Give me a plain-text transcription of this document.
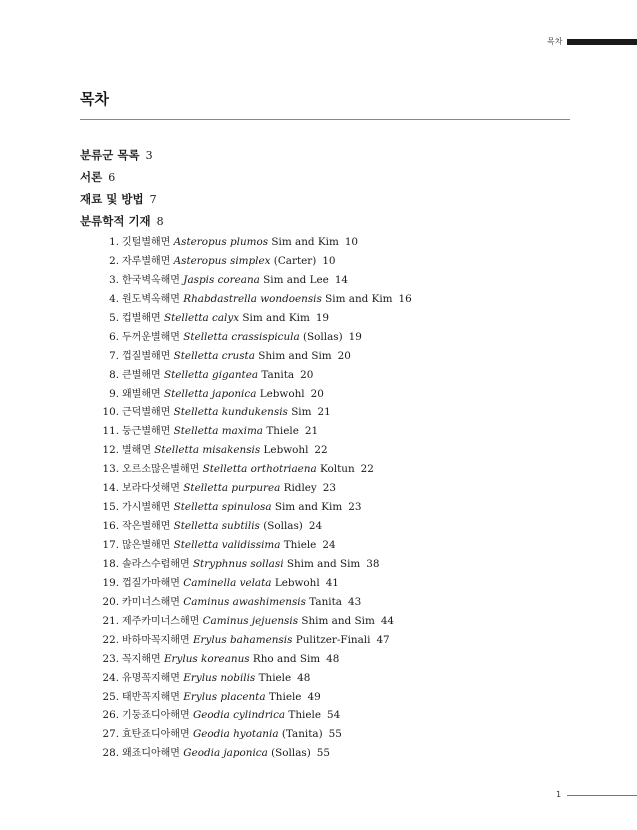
목차
목차
분류군 목록 3
서론 6
재료 및 방법 7
분류학적 기재 8
1. 깃털별해면 Asteropus plumos Sim and Kim 10
2. 자루별해면 Asteropus simplex (Carter) 10
3. 한국벽옥해면 Jaspis coreana Sim and Lee 14
4. 원도벽옥해면 Rhabdastrella wondoensis Sim and Kim 16
5. 컵별해면 Stelletta calyx Sim and Kim 19
6. 두꺼운별해면 Stelletta crassispicula (Sollas) 19
7. 껍질별해면 Stelletta crusta Shim and Sim 20
8. 큰별해면 Stelletta gigantea Tanita 20
9. 왜별해면 Stelletta japonica Lebwohl 20
10. 근덕별해면 Stelletta kundukensis Sim 21
11. 둥근별해면 Stelletta maxima Thiele 21
12. 별해면 Stelletta misakensis Lebwohl 22
13. 오르소많은별해면 Stelletta orthotriaena Koltun 22
14. 보라다섯해면 Stelletta purpurea Ridley 23
15. 가시별해면 Stelletta spinulosa Sim and Kim 23
16. 작은별해면 Stelletta subtilis (Sollas) 24
17. 많은별해면 Stelletta validissima Thiele 24
18. 솔라스수렵해면 Stryphnus sollasi Shim and Sim 38
19. 껍질가마해면 Caminella velata Lebwohl 41
20. 카미너스해면 Caminus awashimensis Tanita 43
21. 제주카미너스해면 Caminus jejuensis Shim and Sim 44
22. 바하마꼭지해면 Erylus bahamensis Pulitzer-Finali 47
23. 꼭지해면 Erylus koreanus Rho and Sim 48
24. 유명꼭지해면 Erylus nobilis Thiele 48
25. 태반꼭지해면 Erylus placenta Thiele 49
26. 기둥죠디아해면 Geodia cylindrica Thiele 54
27. 효탄죠디아해면 Geodia hyotania (Tanita) 55
28. 왜죠디아해면 Geodia japonica (Sollas) 55
1
